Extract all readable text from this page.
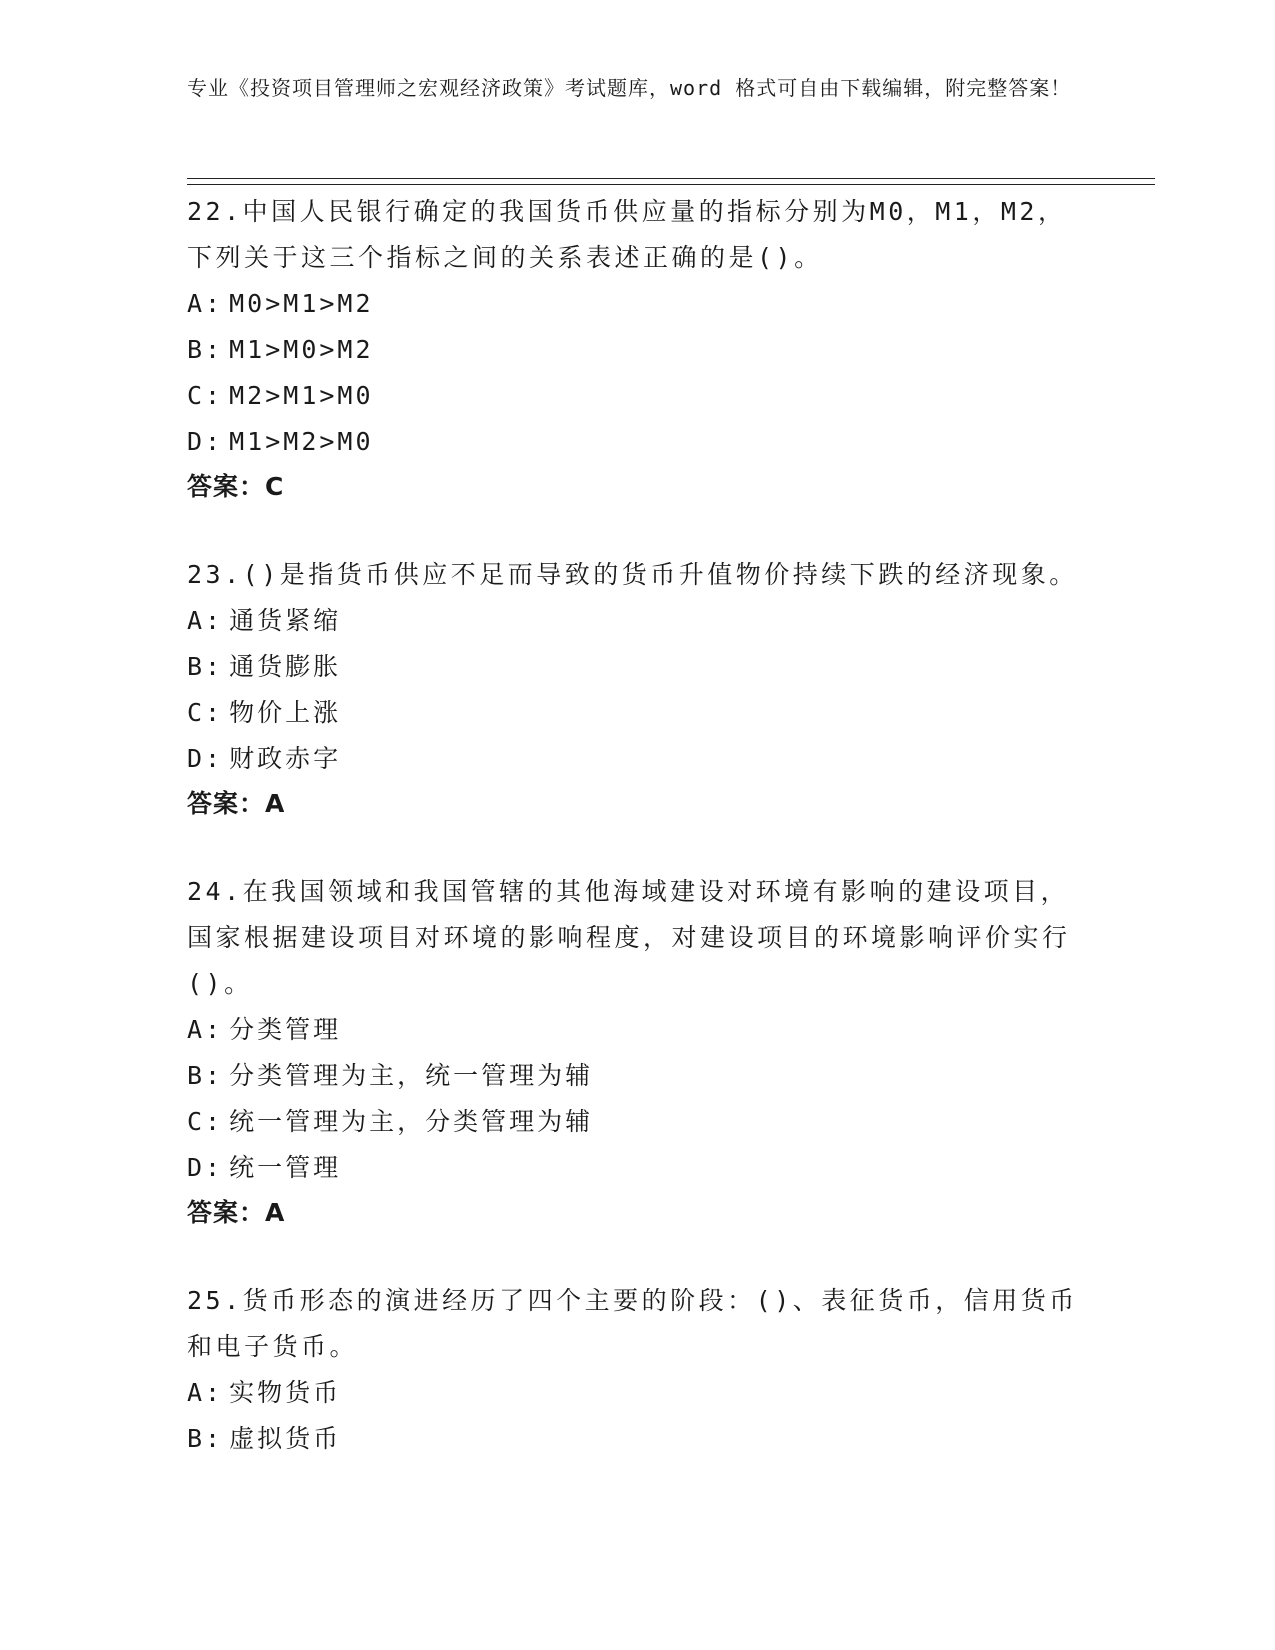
专业《投资项目管理师之宏观经济政策》考试题库，word 格式可自由下载编辑，附完整答案！
22.中国人民银行确定的我国货币供应量的指标分别为M0，M1，M2，下列关于这三个指标之间的关系表述正确的是()。
A: M0>M1>M2
B: M1>M0>M2
C: M2>M1>M0
D: M1>M2>M0
答案：C
23.()是指货币供应不足而导致的货币升值物价持续下跌的经济现象。
A: 通货紧缩
B: 通货膨胀
C: 物价上涨
D: 财政赤字
答案：A
24.在我国领域和我国管辖的其他海域建设对环境有影响的建设项目，国家根据建设项目对环境的影响程度，对建设项目的环境影响评价实行()。
A: 分类管理
B: 分类管理为主，统一管理为辅
C: 统一管理为主，分类管理为辅
D: 统一管理
答案：A
25.货币形态的演进经历了四个主要的阶段：()、表征货币，信用货币和电子货币。
A: 实物货币
B: 虚拟货币
